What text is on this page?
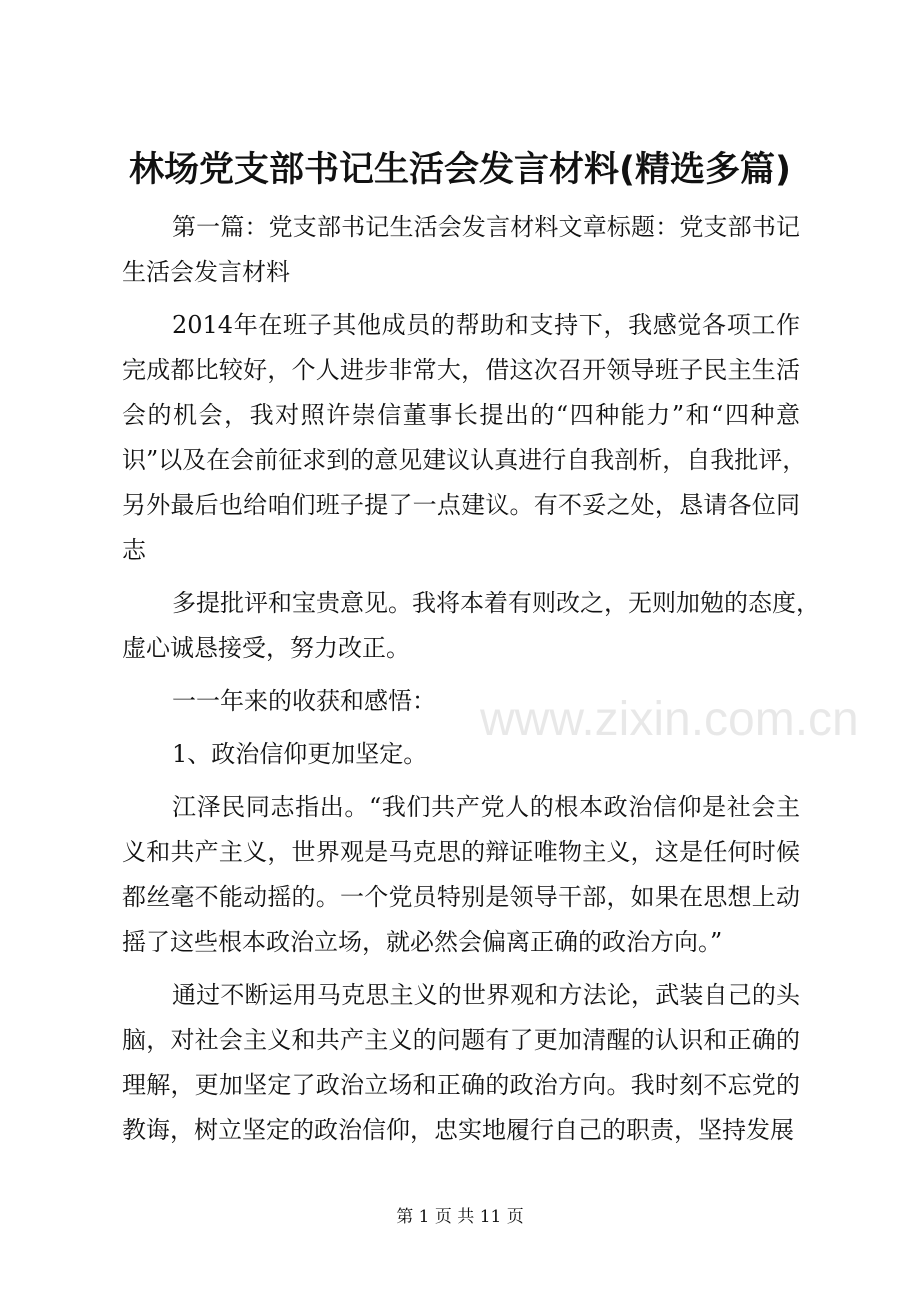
林场党支部书记生活会发言材料(精选多篇)
第一篇：党支部书记生活会发言材料文章标题：党支部书记
生活会发言材料
2014年在班子其他成员的帮助和支持下，我感觉各项工作
完成都比较好，个人进步非常大，借这次召开领导班子民主生活
会的机会，我对照许崇信董事长提出的“四种能力”和“四种意
识”以及在会前征求到的意见建议认真进行自我剖析，自我批评，
另外最后也给咱们班子提了一点建议。有不妥之处，恳请各位同
志
多提批评和宝贵意见。我将本着有则改之，无则加勉的态度，
虚心诚恳接受，努力改正。
一一年来的收获和感悟：
1、政治信仰更加坚定。
江泽民同志指出。“我们共产党人的根本政治信仰是社会主
义和共产主义，世界观是马克思的辩证唯物主义，这是任何时候
都丝毫不能动摇的。一个党员特别是领导干部，如果在思想上动
摇了这些根本政治立场，就必然会偏离正确的政治方向。”
通过不断运用马克思主义的世界观和方法论，武装自己的头
脑，对社会主义和共产主义的问题有了更加清醒的认识和正确的
理解，更加坚定了政治立场和正确的政治方向。我时刻不忘党的
教诲，树立坚定的政治信仰，忠实地履行自己的职责，坚持发展
www.zixin.com.cn
第 1 页 共 11 页
